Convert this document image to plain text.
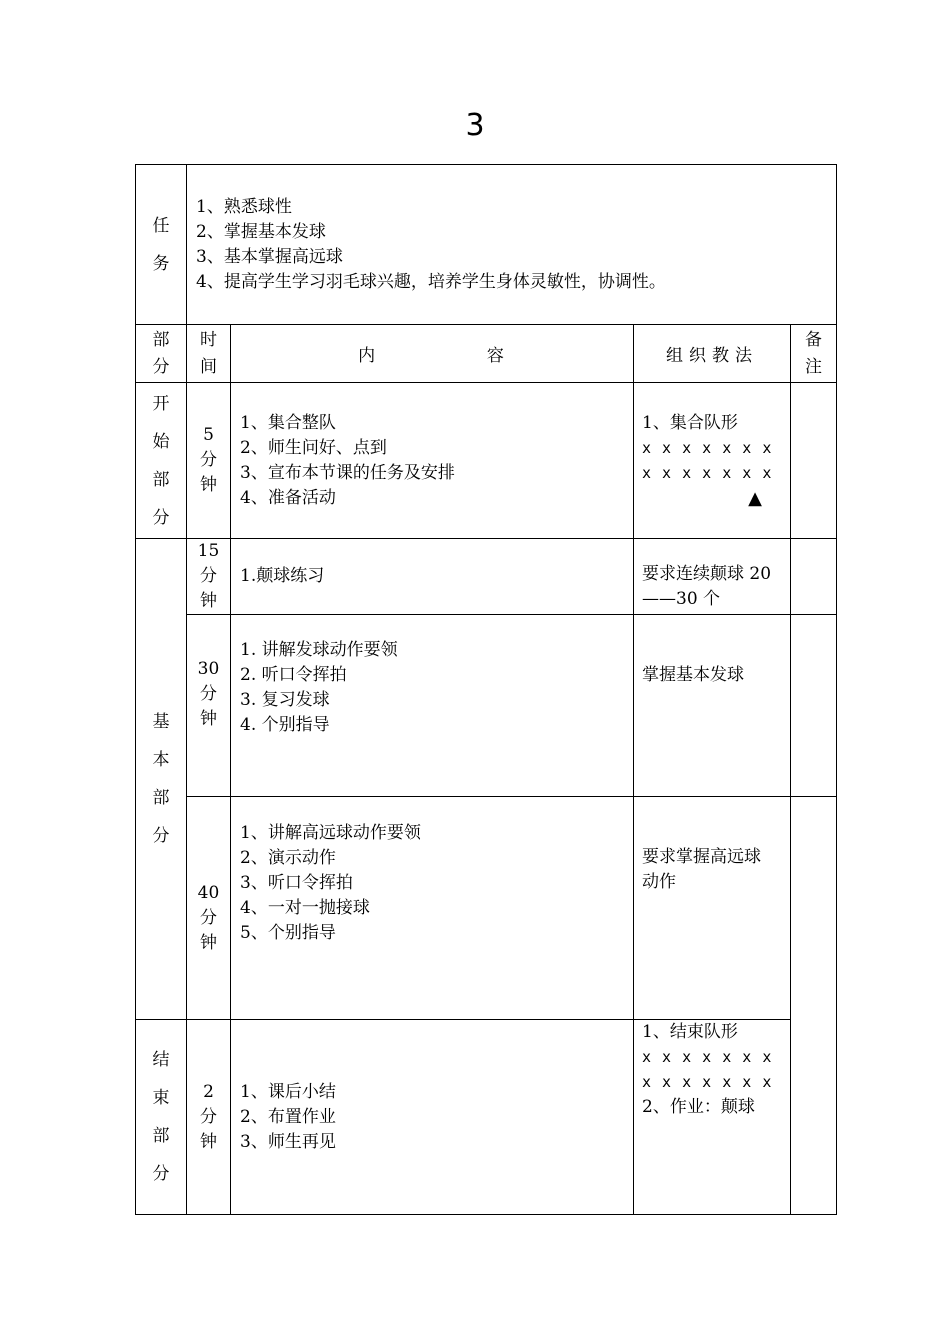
3
任
务	1、熟悉球性
2、掌握基本发球
3、基本掌握高远球
4、提高学生学习羽毛球兴趣，培养学生身体灵敏性，协调性。			

部
分	时
间	内 容	组织教法	备
注

开
始
部
分	5
分
钟	1、集合整队
2、师生问好、点到
3、宣布本节课的任务及安排
4、准备活动	1、集合队形
x x x x x x x
x x x x x x x
▲	

基
本
部
分	15
分
钟	1.颠球练习	要求连续颠球 20
——30 个	

	30
分
钟	1. 讲解发球动作要领
2. 听口令挥拍
3. 复习发球
4. 个别指导	掌握基本发球	

	40
分
钟	1、讲解高远球动作要领
2、演示动作
3、听口令挥拍
4、一对一抛接球
5、个别指导	要求掌握高远球
动作	

结
束
部
分	2
分
钟	1、课后小结
2、布置作业
3、师生再见	1、结束队形
x x x x x x x
x x x x x x x
2、作业：颠球	
